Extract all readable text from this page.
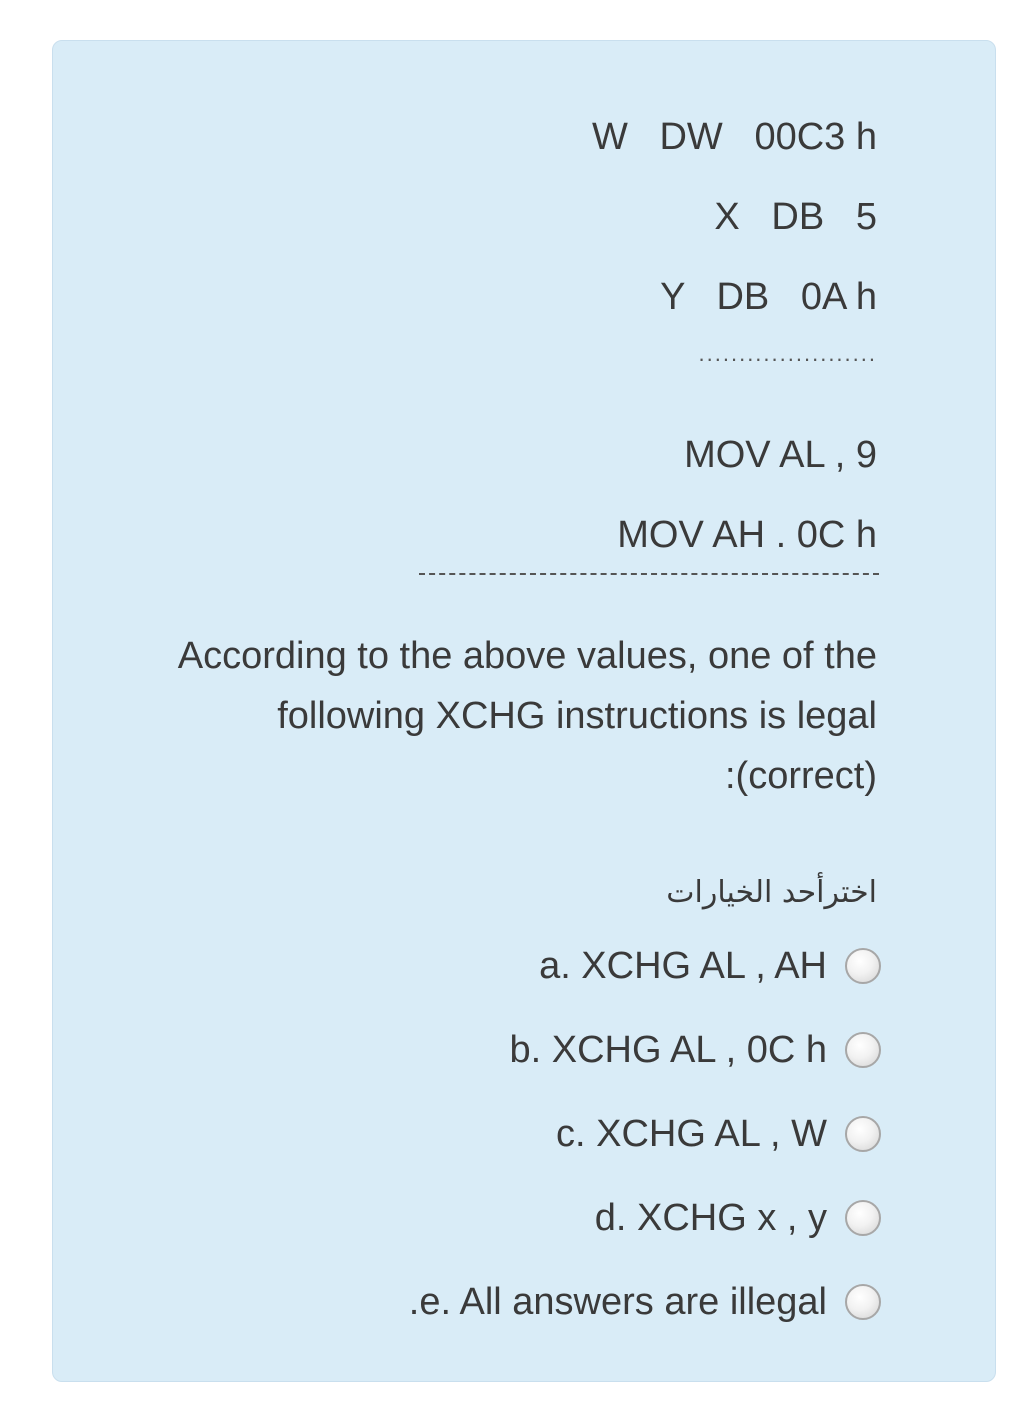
W   DW   00C3 h
X   DB   5
Y   DB   0A h
......................
MOV AL , 9
MOV AH . 0C h
According to the above values, one of the
following XCHG instructions is legal
:(correct)
اخترأحد الخيارات
a. XCHG AL , AH
b. XCHG AL , 0C h
c. XCHG AL , W
d. XCHG x , y
.e. All answers are illegal
